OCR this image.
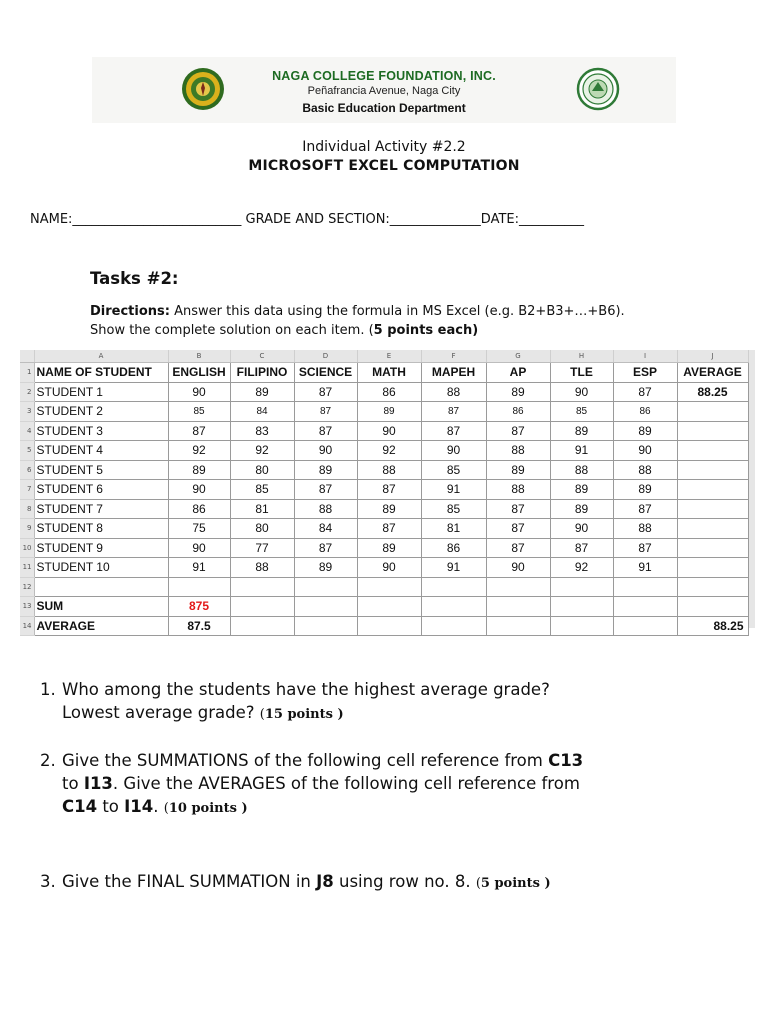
NAGA COLLEGE FOUNDATION, INC.
Peñafrancia Avenue, Naga City
Basic Education Department
Individual Activity #2.2
MICROSOFT EXCEL COMPUTATION
NAME:__________________________ GRADE AND SECTION:______________DATE:__________
Tasks #2:
Directions: Answer this data using the formula in MS Excel (e.g. B2+B3+…+B6).
Show the complete solution on each item. (5 points each)
	A	B	C	D	E	F	G	H	I	J
1	NAME OF STUDENT	ENGLISH	FILIPINO	SCIENCE	MATH	MAPEH	AP	TLE	ESP	AVERAGE
2	STUDENT 1	90	89	87	86	88	89	90	87	88.25
3	STUDENT 2	85	84	87	89	87	86	85	86	
4	STUDENT 3	87	83	87	90	87	87	89	89	
5	STUDENT 4	92	92	90	92	90	88	91	90	
6	STUDENT 5	89	80	89	88	85	89	88	88	
7	STUDENT 6	90	85	87	87	91	88	89	89	
8	STUDENT 7	86	81	88	89	85	87	89	87	
9	STUDENT 8	75	80	84	87	81	87	90	88	
10	STUDENT 9	90	77	87	89	86	87	87	87	
11	STUDENT 10	91	88	89	90	91	90	92	91	
12										
13	SUM	875								
14	AVERAGE	87.5								88.25
1. Who among the students have the highest average grade?
Lowest average grade? (15 points )
2. Give the SUMMATIONS of the following cell reference from C13
to I13. Give the AVERAGES of the following cell reference from
C14 to I14. (10 points )
3. Give the FINAL SUMMATION in J8 using row no. 8. (5 points )
